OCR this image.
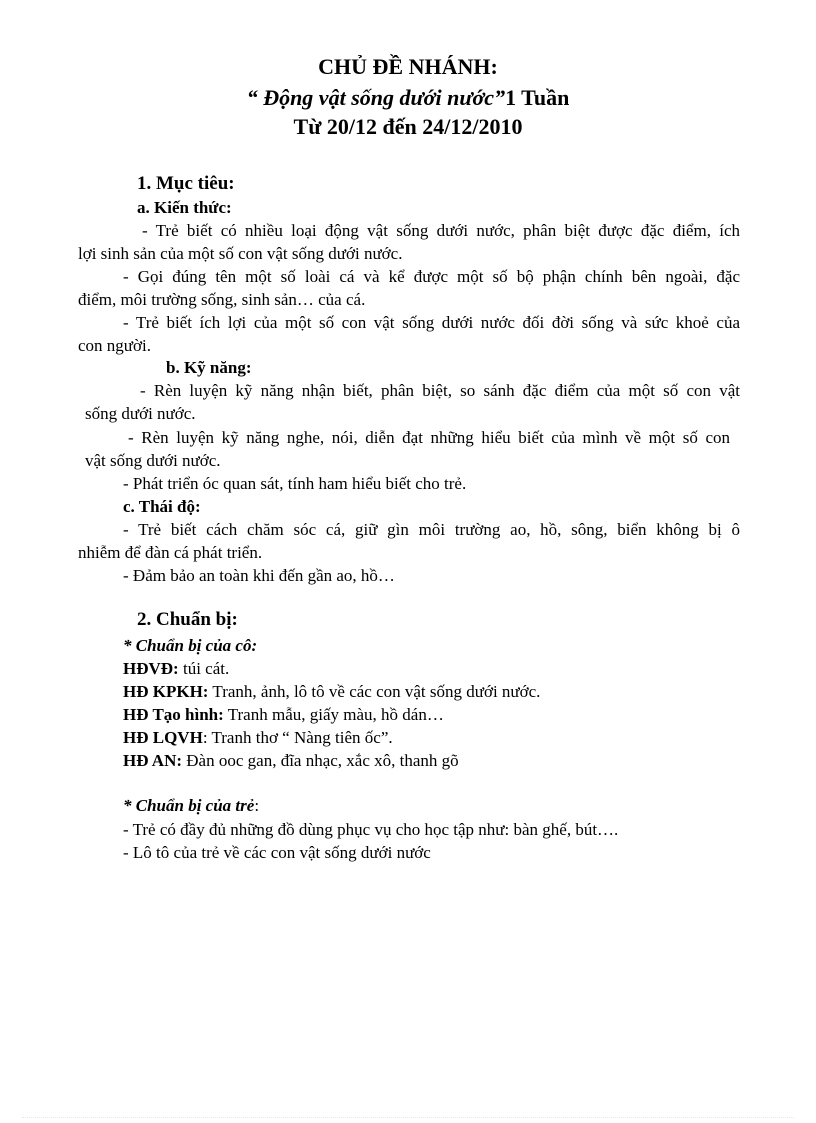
CHỦ ĐỀ NHÁNH:
“ Động vật sống dưới nước”1 Tuần
Từ 20/12 đến 24/12/2010
1. Mục tiêu:
a. Kiến thức:
- Trẻ biết có nhiều loại động vật sống dưới nước, phân biệt được đặc điểm, ích
lợi sinh sản của một số con vật sống dưới nước.
- Gọi đúng tên một số loài cá và kể được một số bộ phận chính bên ngoài, đặc
điểm, môi trường sống, sinh sản… của cá.
- Trẻ biết ích lợi của một số con vật sống dưới nước đối đời sống và sức khoẻ của
con người.
b. Kỹ năng:
- Rèn luyện kỹ năng nhận biết, phân biệt, so sánh đặc điểm của một số con vật
sống dưới nước.
- Rèn luyện kỹ năng nghe, nói, diễn đạt những hiểu biết của mình về một số con
vật sống dưới nước.
- Phát triển óc quan sát, tính ham hiểu biết cho trẻ.
c. Thái độ:
- Trẻ biết cách chăm sóc cá, giữ gìn môi trường ao, hồ, sông, biển không bị ô
nhiễm để đàn cá phát triển.
- Đảm bảo an toàn khi đến gần ao, hồ…
2. Chuẩn bị:
* Chuẩn bị của cô:
HĐVĐ: túi cát.
HĐ KPKH: Tranh, ảnh, lô tô về các con vật sống dưới nước.
HĐ Tạo hình: Tranh mẫu, giấy màu, hồ dán…
HĐ LQVH: Tranh thơ “ Nàng tiên ốc”.
HĐ AN: Đàn ooc gan, đĩa nhạc, xắc xô, thanh gõ
* Chuẩn bị của trẻ:
- Trẻ có đầy đủ những đồ dùng phục vụ cho học tập như: bàn ghế, bút….
- Lô tô của trẻ về các con vật sống dưới nước
